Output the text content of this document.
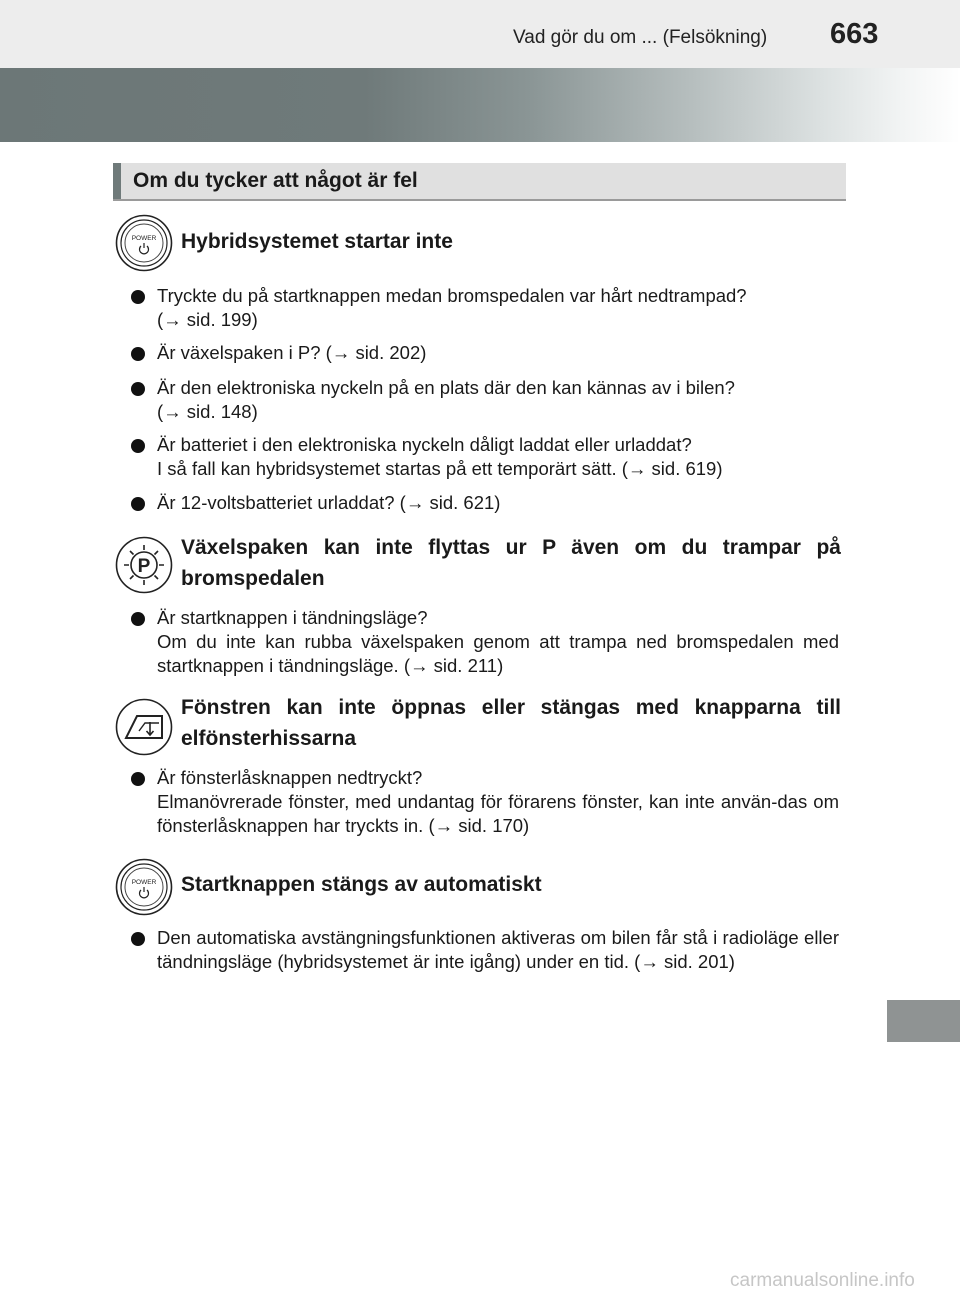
Vad gör du om ... (Felsökning) 663
Om du tycker att något är fel
POWER Hybridsystemet startar inte
Tryckte du på startknappen medan bromspedalen var hårt nedtrampad?
(→ sid. 199)
Är växelspaken i P? (→ sid. 202)
Är den elektroniska nyckeln på en plats där den kan kännas av i bilen?
(→ sid. 148)
Är batteriet i den elektroniska nyckeln dåligt laddat eller urladdat?
I så fall kan hybridsystemet startas på ett temporärt sätt. (→ sid. 619)
Är 12-voltsbatteriet urladdat? (→ sid. 621)
P
Växelspaken kan inte flyttas ur P även om du trampar på bromspedalen
Är startknappen i tändningsläge?
Om du inte kan rubba växelspaken genom att trampa ned bromspedalen med startknappen i tändningsläge. (→ sid. 211)
Fönstren kan inte öppnas eller stängas med knapparna till elfönsterhissarna
Är fönsterlåsknappen nedtryckt?
Elmanövrerade fönster, med undantag för förarens fönster, kan inte använ-das om fönsterlåsknappen har tryckts in. (→ sid. 170)
POWER Startknappen stängs av automatiskt
Den automatiska avstängningsfunktionen aktiveras om bilen får stå i radioläge eller tändningsläge (hybridsystemet är inte igång) under en tid. (→ sid. 201)
carmanualsonline.info
